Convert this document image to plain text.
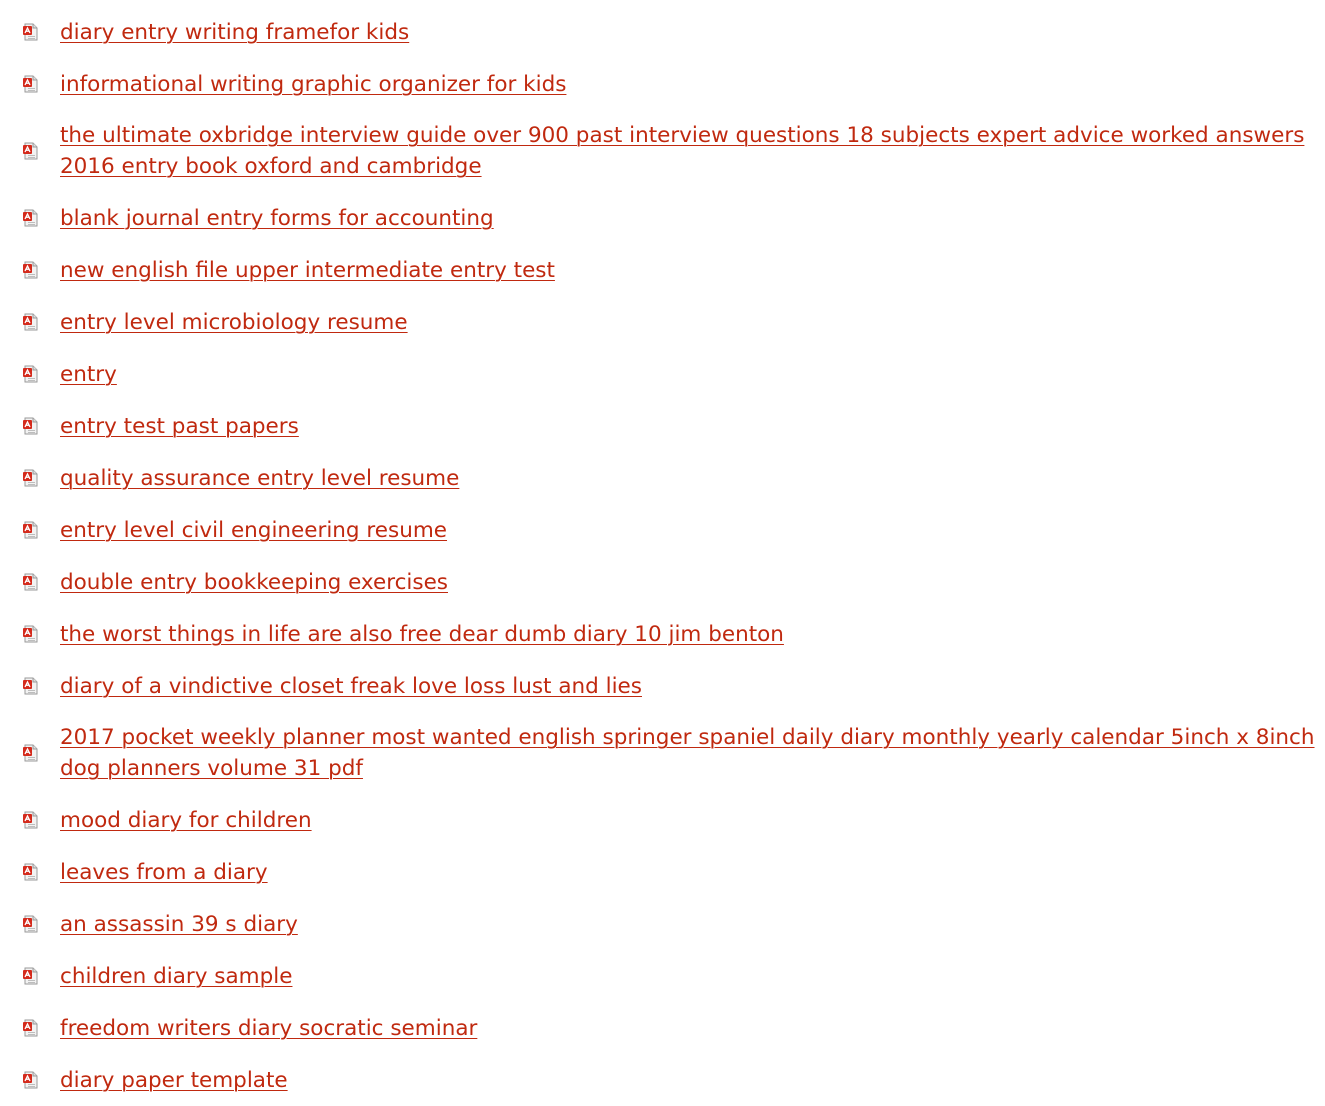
diary entry writing framefor kids
informational writing graphic organizer for kids
the ultimate oxbridge interview guide over 900 past interview questions 18 subjects expert advice worked answers 2016 entry book oxford and cambridge
blank journal entry forms for accounting
new english file upper intermediate entry test
entry level microbiology resume
entry
entry test past papers
quality assurance entry level resume
entry level civil engineering resume
double entry bookkeeping exercises
the worst things in life are also free dear dumb diary 10 jim benton
diary of a vindictive closet freak love loss lust and lies
2017 pocket weekly planner most wanted english springer spaniel daily diary monthly yearly calendar 5inch x 8inch dog planners volume 31 pdf
mood diary for children
leaves from a diary
an assassin 39 s diary
children diary sample
freedom writers diary socratic seminar
diary paper template
